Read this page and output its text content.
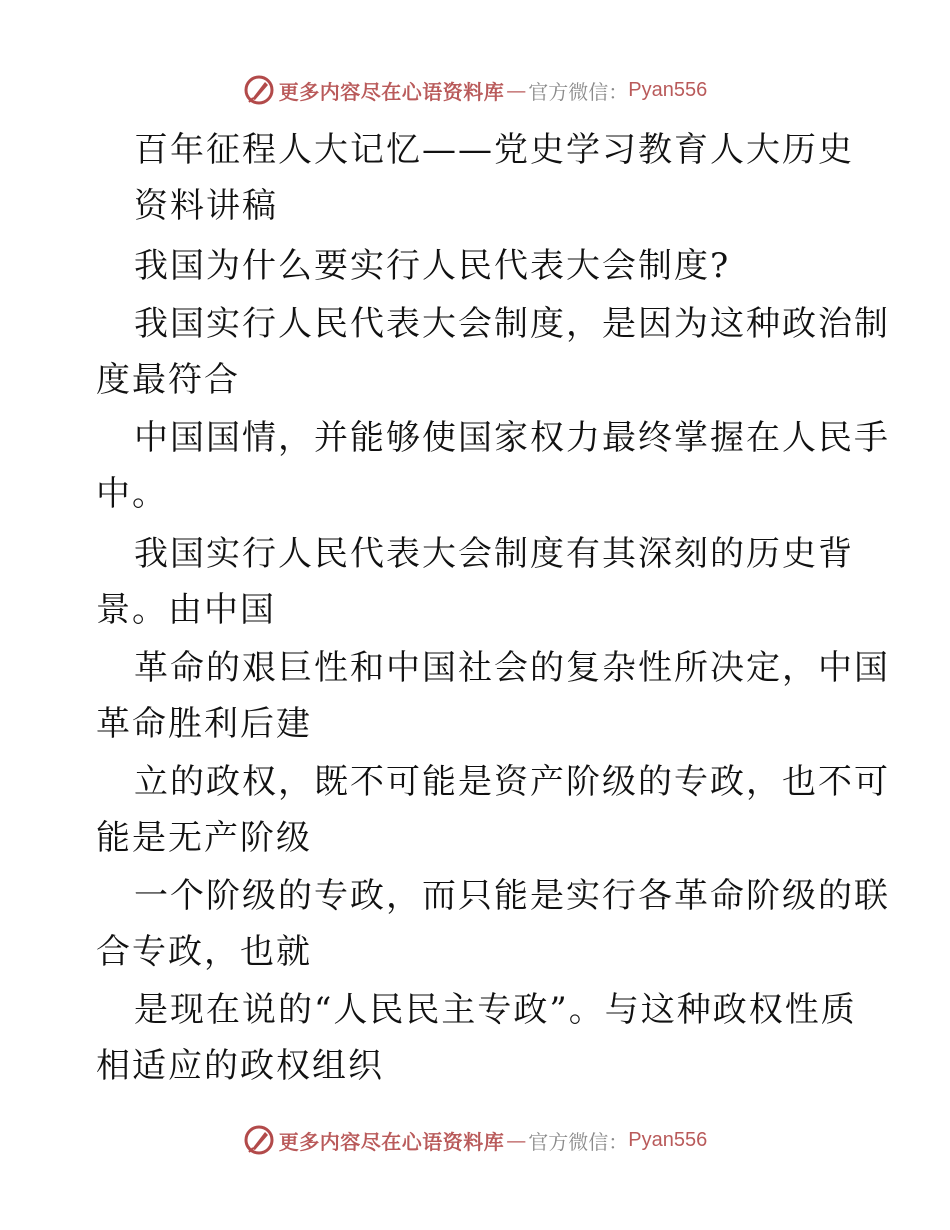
更多内容尽在心语资料库 — 官方微信： Pyan556
百年征程人大记忆——党史学习教育人大历史
资料讲稿
我国为什么要实行人民代表大会制度?
我国实行人民代表大会制度，是因为这种政治制
度最符合
中国国情，并能够使国家权力最终掌握在人民手
中。
我国实行人民代表大会制度有其深刻的历史背
景。由中国
革命的艰巨性和中国社会的复杂性所决定，中国
革命胜利后建
立的政权，既不可能是资产阶级的专政，也不可
能是无产阶级
一个阶级的专政，而只能是实行各革命阶级的联
合专政，也就
是现在说的“人民民主专政”。与这种政权性质
相适应的政权组织
更多内容尽在心语资料库 — 官方微信： Pyan556
